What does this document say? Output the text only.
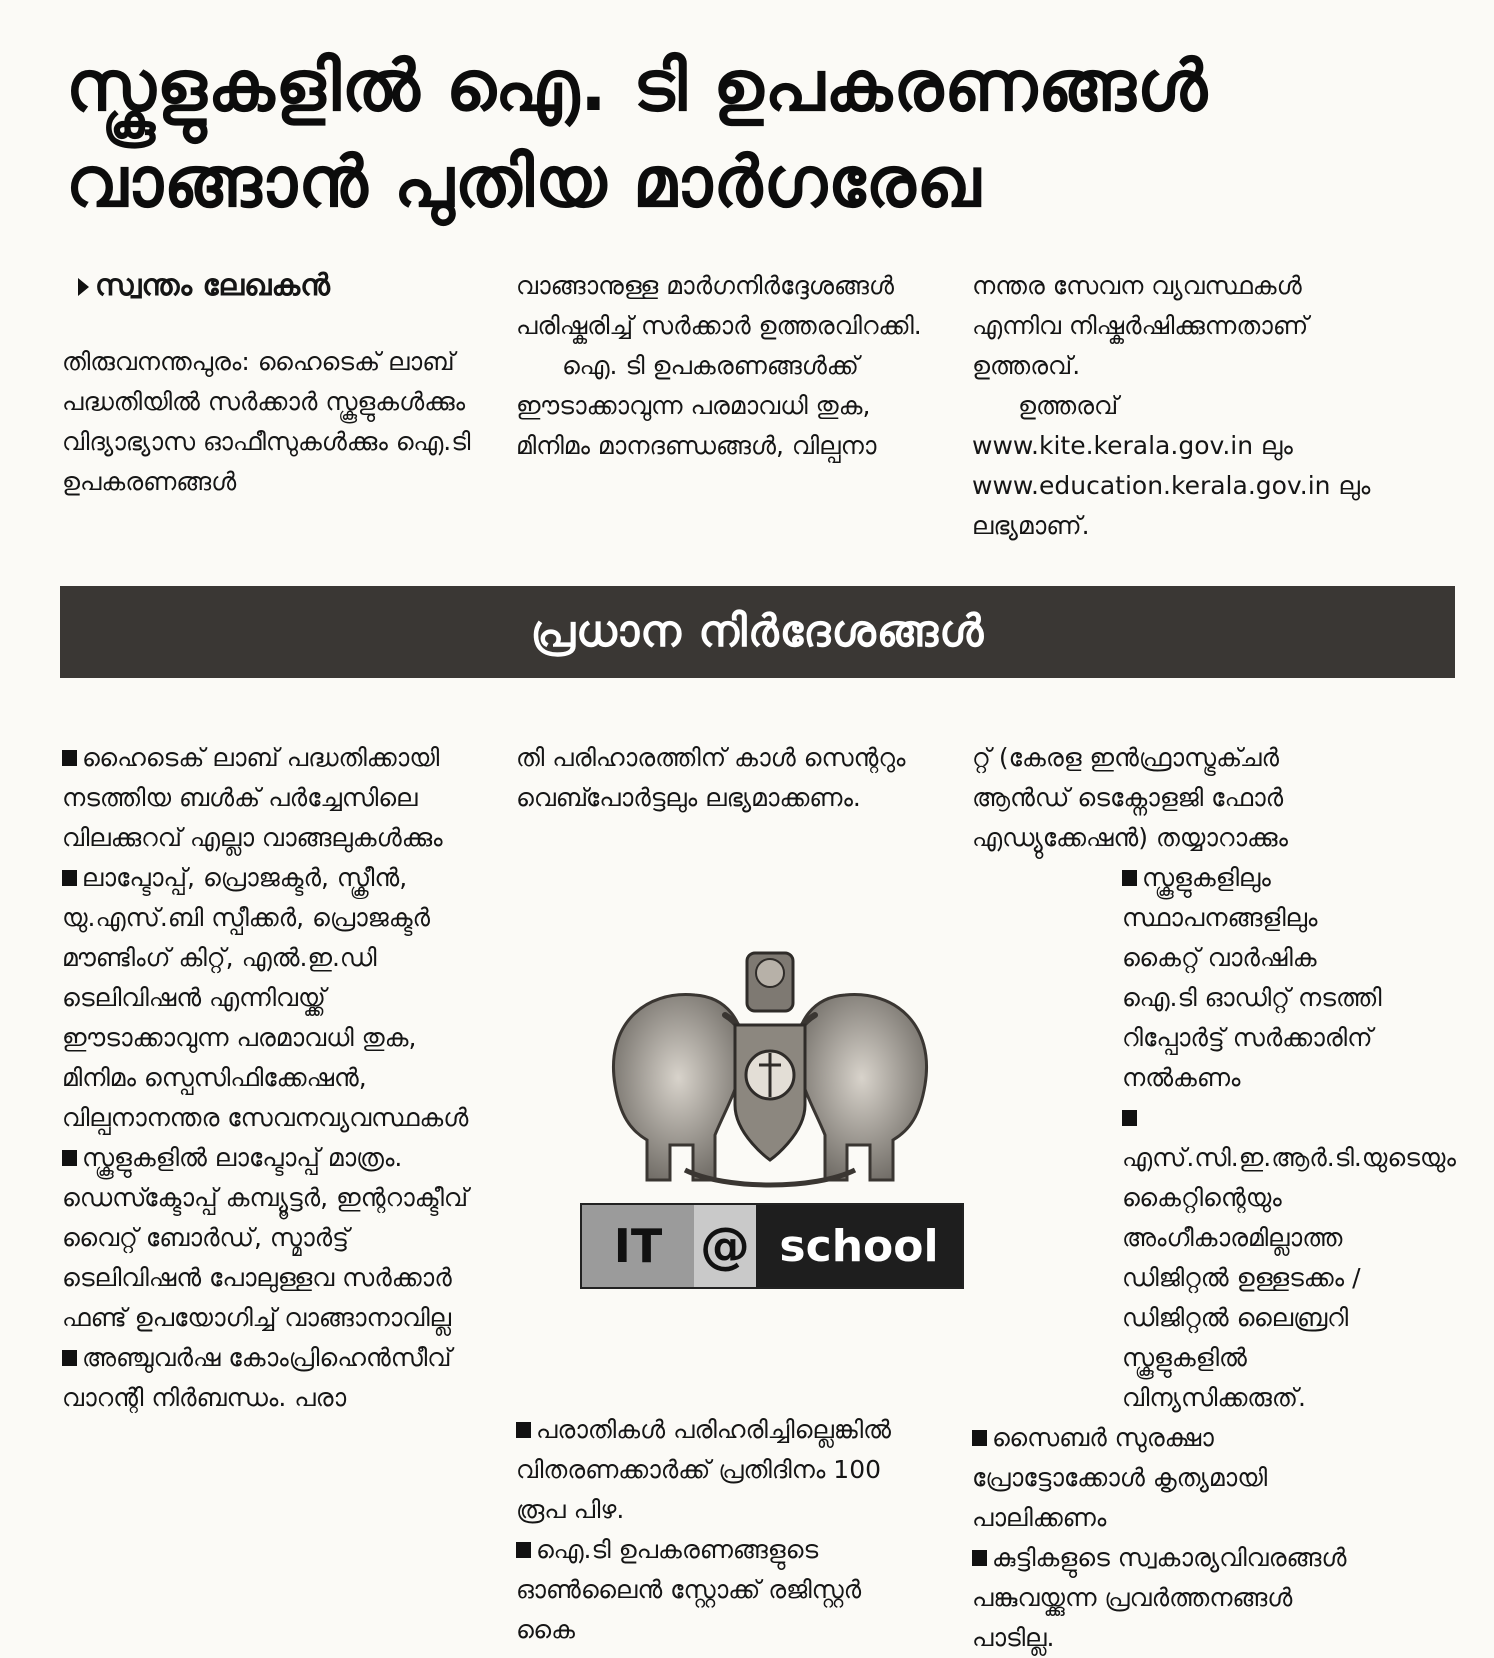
സ്കൂളുകളിൽ ഐ. ടി ഉപകരണങ്ങൾ
വാങ്ങാൻ പുതിയ മാർഗരേഖ
സ്വന്തം ലേഖകൻ

തിരുവനന്തപുരം: ഹൈടെക് ലാബ് പദ്ധതിയിൽ സർക്കാർ സ്കൂളുകൾക്കും വിദ്യാഭ്യാസ ഓഫീസുകൾക്കും ഐ.ടി ഉപകരണങ്ങൾ

വാങ്ങാനുള്ള മാർഗനിർദ്ദേശങ്ങൾ പരിഷ്കരിച്ച് സർക്കാർ ഉത്തരവിറക്കി.

ഐ. ടി ഉപകരണങ്ങൾക്ക് ഈടാക്കാവുന്ന പരമാവധി തുക, മിനിമം മാനദണ്ഡങ്ങൾ, വില്പനാ

നന്തര സേവന വ്യവസ്ഥകൾ എന്നിവ നിഷ്കർഷിക്കുന്നതാണ് ഉത്തരവ്.

ഉത്തരവ് www.kite.kerala.gov.in ലും www.education.kerala.gov.in ലും ലഭ്യമാണ്.

പ്രധാന നിർദേശങ്ങൾ

ഹൈടെക് ലാബ് പദ്ധതിക്കായി നടത്തിയ ബൾക് പർച്ചേസിലെ വിലക്കുറവ് എല്ലാ വാങ്ങലുകൾക്കും

ലാപ്ടോപ്പ്, പ്രൊജക്ടർ, സ്ക്രീൻ, യു.എസ്.ബി സ്പീക്കർ, പ്രൊജക്ടർ മൗണ്ടിംഗ് കിറ്റ്, എൽ.ഇ.ഡി ടെലിവിഷൻ എന്നിവയ്ക്ക് ഈടാക്കാവുന്ന പരമാവധി തുക, മിനിമം സ്പെസിഫിക്കേഷൻ, വില്പനാനന്തര സേവനവ്യവസ്ഥകൾ

സ്കൂളുകളിൽ ലാപ്ടോപ്പ് മാത്രം. ഡെസ്ക്ടോപ്പ് കമ്പ്യൂട്ടർ, ഇന്ററാക്ടീവ് വൈറ്റ് ബോർഡ്, സ്മാർട്ട് ടെലിവിഷൻ പോലുള്ളവ സർക്കാർ ഫണ്ട് ഉപയോഗിച്ച് വാങ്ങാനാവില്ല

അഞ്ചുവർഷ കോംപ്രിഹെൻസീവ് വാറന്റി നിർബന്ധം. പരാ

തി പരിഹാരത്തിന് കാൾ സെന്ററും വെബ്പോർട്ടലും ലഭ്യമാക്കണം.

IT @ school

പരാതികൾ പരിഹരിച്ചില്ലെങ്കിൽ വിതരണക്കാർക്ക് പ്രതിദിനം 100 രൂപ പിഴ.

ഐ.ടി ഉപകരണങ്ങളുടെ ഓൺലൈൻ സ്റ്റോക്ക് രജിസ്റ്റർ കൈ

റ്റ് (കേരള ഇൻഫ്രാസ്ട്രക്ചർ ആൻഡ് ടെക്നോളജി ഫോർ എഡ്യുക്കേഷൻ) തയ്യാറാക്കും

സ്കൂളുകളിലും സ്ഥാപനങ്ങളിലും കൈറ്റ് വാർഷിക ഐ.ടി ഓഡിറ്റ് നടത്തി റിപ്പോർട്ട് സർക്കാരിന് നൽകണം

എസ്.സി.ഇ.ആർ.ടി.യുടെയും കൈറ്റിന്റെയും അംഗീകാരമില്ലാത്ത ഡിജിറ്റൽ ഉള്ളടക്കം / ഡിജിറ്റൽ ലൈബ്രറി സ്കൂളുകളിൽ വിന്യസിക്കരുത്.

സൈബർ സുരക്ഷാ പ്രോട്ടോക്കോൾ കൃത്യമായി പാലിക്കണം

കുട്ടികളുടെ സ്വകാര്യവിവരങ്ങൾ പങ്കുവയ്ക്കുന്ന പ്രവർത്തനങ്ങൾ പാടില്ല.
